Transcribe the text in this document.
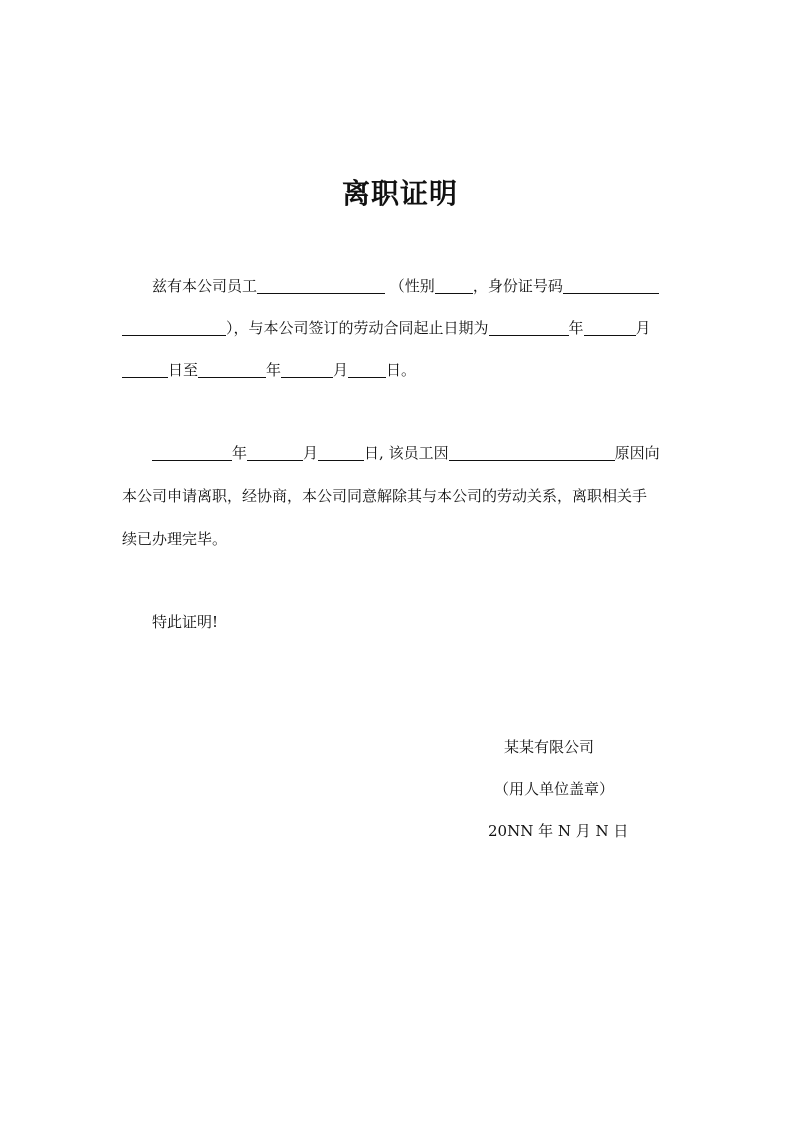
离职证明
兹有本公司员工	（性别	，身份证号码
），与本公司签订的劳动合同起止日期为	年	月
日至	年	月	日。
年	月	日, 该员工因	原因向
本公司申请离职，经协商，本公司同意解除其与本公司的劳动关系，离职相关手
续已办理完毕。
特此证明!
某某有限公司
（用人单位盖章）
20NN 年 N 月 N 日
